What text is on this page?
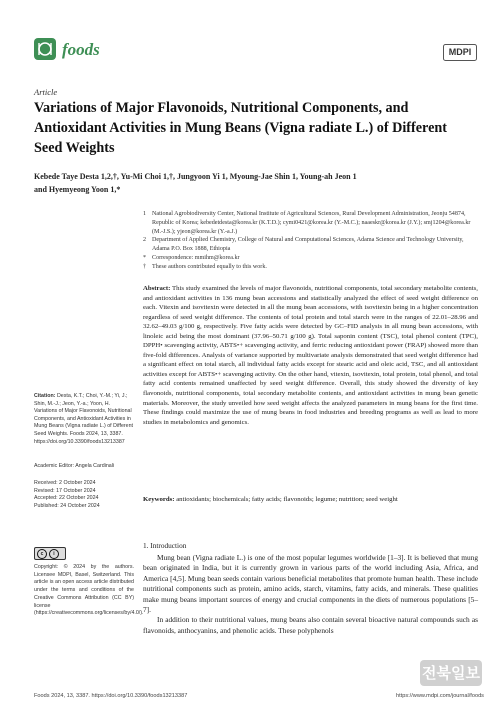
foods	MDPI
Article
Variations of Major Flavonoids, Nutritional Components, and Antioxidant Activities in Mung Beans (Vigna radiate L.) of Different Seed Weights
Kebede Taye Desta 1,2,†, Yu-Mi Choi 1,†, Jungyoon Yi 1, Myoung-Jae Shin 1, Young-ah Jeon 1
and Hyemyeong Yoon 1,*
1 National Agrobiodiversity Center, National Institute of Agricultural Sciences, Rural Development Administration, Jeonju 54874, Republic of Korea; kebedetdesta@korea.kr (K.T.D.); cymi0421@korea.kr (Y.-M.C.); naaeskr@korea.kr (J.Y.); smj1204@korea.kr (M.-J.S.); yjeon@korea.kr (Y.-a.J.)
2 Department of Applied Chemistry, College of Natural and Computational Sciences, Adama Science and Technology University, Adama P.O. Box 1888, Ethiopia
* Correspondence: mmihm@korea.kr
† These authors contributed equally to this work.
Abstract: This study examined the levels of major flavonoids, nutritional components, total secondary metabolite contents, and antioxidant activities in 136 mung bean accessions and statistically analyzed the effect of seed weight difference on each. Vitexin and isovitexin were detected in all the mung bean accessions, with isovitexin being in a higher concentration regardless of seed weight difference. The contents of total protein and total starch were in the ranges of 22.01–28.96 and 32.62–49.03 g/100 g, respectively. Five fatty acids were detected by GC–FID analysis in all mung bean accessions, with linoleic acid being the most dominant (37.96–50.71 g/100 g). Total saponin content (TSC), total phenol content (TPC), DPPH• scavenging activity, ABTS•+ scavenging activity, and ferric reducing antioxidant power (FRAP) showed more than five-fold differences. Analysis of variance supported by multivariate analysis demonstrated that seed weight difference had a significant effect on total starch, all individual fatty acids except for stearic acid and oleic acid, TSC, and all antioxidant activities except for ABTS•+ scavenging activity. On the other hand, vitexin, isovitexin, total protein, total phenol, and total fatty acid contents remained unaffected by seed weight difference. Overall, this study showed the diversity of key flavonoids, nutritional components, total secondary metabolite contents, and antioxidant activities in mung bean genetic materials. Moreover, the study unveiled how seed weight affects the analyzed parameters in mung beans for the first time. These findings could maximize the use of mung beans in food industries and breeding programs as well as lead to more studies in metabolomics and genomics.
Keywords: antioxidants; biochemicals; fatty acids; flavonoids; legume; nutrition; seed weight
1. Introduction

Mung bean (Vigna radiate L.) is one of the most popular legumes worldwide [1–3]. It is believed that mung bean originated in India, but it is currently grown in various parts of the world including Asia, Africa, and America [4,5]. Mung bean seeds contain various beneficial metabolites that promote human health. These include nutritional components such as protein, amino acids, starch, vitamins, fatty acids, and minerals. These qualities make mung beans important sources of energy and crucial components in the diets of numerous populations [5–7].

In addition to their nutritional values, mung beans also contain several bioactive natural compounds such as flavonoids, anthocyanins, and phenolic acids. These polyphenols

Citation: Desta, K.T.; Choi, Y.-M.; Yi, J.; Shin, M.-J.; Jeon, Y.-a.; Yoon, H. Variations of Major Flavonoids, Nutritional Components, and Antioxidant Activities in Mung Beans (Vigna radiate L.) of Different Seed Weights. Foods 2024, 13, 3387. https://doi.org/10.3390/foods13213387
Academic Editor: Angela Cardinali
Received: 2 October 2024
Revised: 17 October 2024
Accepted: 22 October 2024
Published: 24 October 2024
c	i
Copyright: © 2024 by the authors. Licensee MDPI, Basel, Switzerland. This article is an open access article distributed under the terms and conditions of the Creative Commons Attribution (CC BY) license (https://creativecommons.org/licenses/by/4.0/).
Foods 2024, 13, 3387. https://doi.org/10.3390/foods13213387	https://www.mdpi.com/journal/foods
전북일보
